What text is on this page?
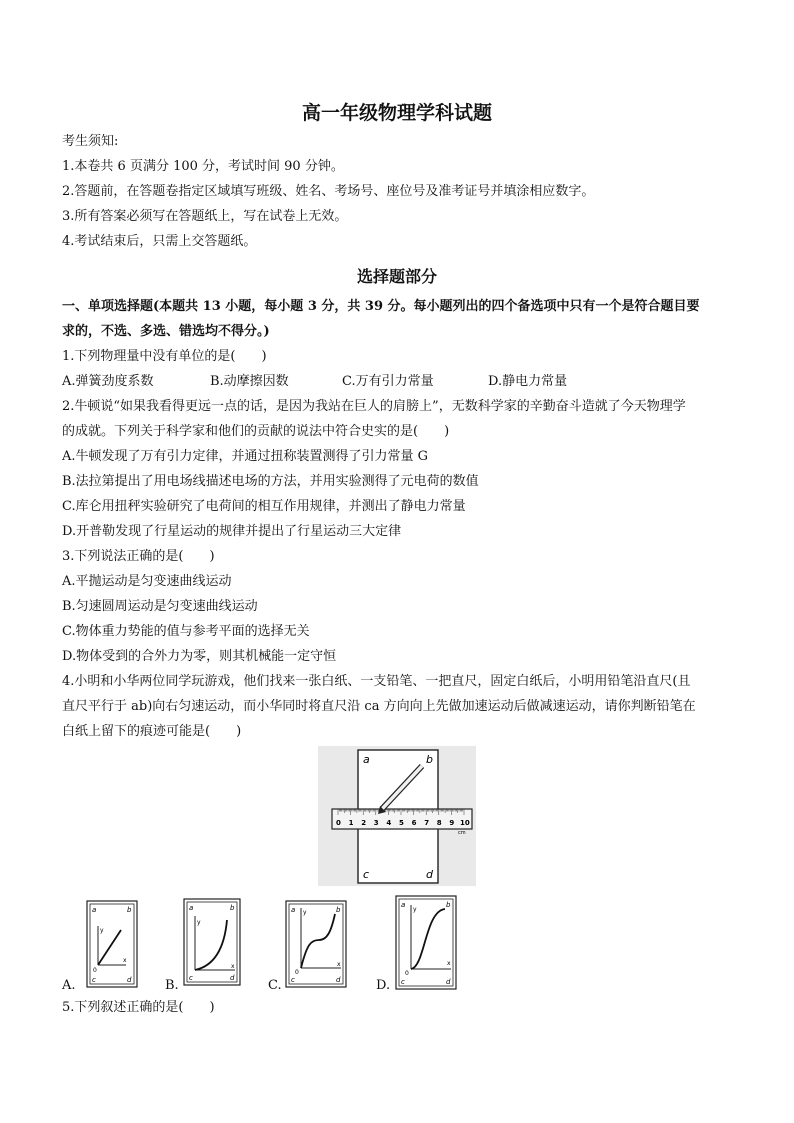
高一年级物理学科试题
考生须知:
1.本卷共 6 页满分 100 分，考试时间 90 分钟。
2.答题前，在答题卷指定区域填写班级、姓名、考场号、座位号及准考证号并填涂相应数字。
3.所有答案必须写在答题纸上，写在试卷上无效。
4.考试结束后，只需上交答题纸。
选择题部分
一、单项选择题(本题共 13 小题，每小题 3 分，共 39 分。每小题列出的四个备选项中只有一个是符合题目要
求的，不选、多选、错选均不得分。)
1.下列物理量中没有单位的是(　　)
A.弹簧劲度系数	B.动摩擦因数	C.万有引力常量	D.静电力常量
2.牛顿说“如果我看得更远一点的话，是因为我站在巨人的肩膀上”，无数科学家的辛勤奋斗造就了今天物理学
的成就。下列关于科学家和他们的贡献的说法中符合史实的是(　　)
A.牛顿发现了万有引力定律，并通过扭称装置测得了引力常量 G
B.法拉第提出了用电场线描述电场的方法，并用实验测得了元电荷的数值
C.库仑用扭秤实验研究了电荷间的相互作用规律，并测出了静电力常量
D.开普勒发现了行星运动的规律并提出了行星运动三大定律
3.下列说法正确的是(　　)
A.平抛运动是匀变速曲线运动
B.匀速圆周运动是匀变速曲线运动
C.物体重力势能的值与参考平面的选择无关
D.物体受到的合外力为零，则其机械能一定守恒
4.小明和小华两位同学玩游戏，他们找来一张白纸、一支铅笔、一把直尺，固定白纸后，小明用铅笔沿直尺(且
直尺平行于 ab)向右匀速运动，而小华同时将直尺沿 ca 方向向上先做加速运动后做减速运动，请你判断铅笔在
白纸上留下的痕迹可能是(　　)
a	b
c	d
0 1 2 3 4 5 6 7 8 9 10
cm
a	b
c	d
y
x
0
a	b
c	d
y
x
a	b
c	d
y
x
0
a	b
c	d
y
x
0
A.	B.	C.	D.
5.下列叙述正确的是(　　)
